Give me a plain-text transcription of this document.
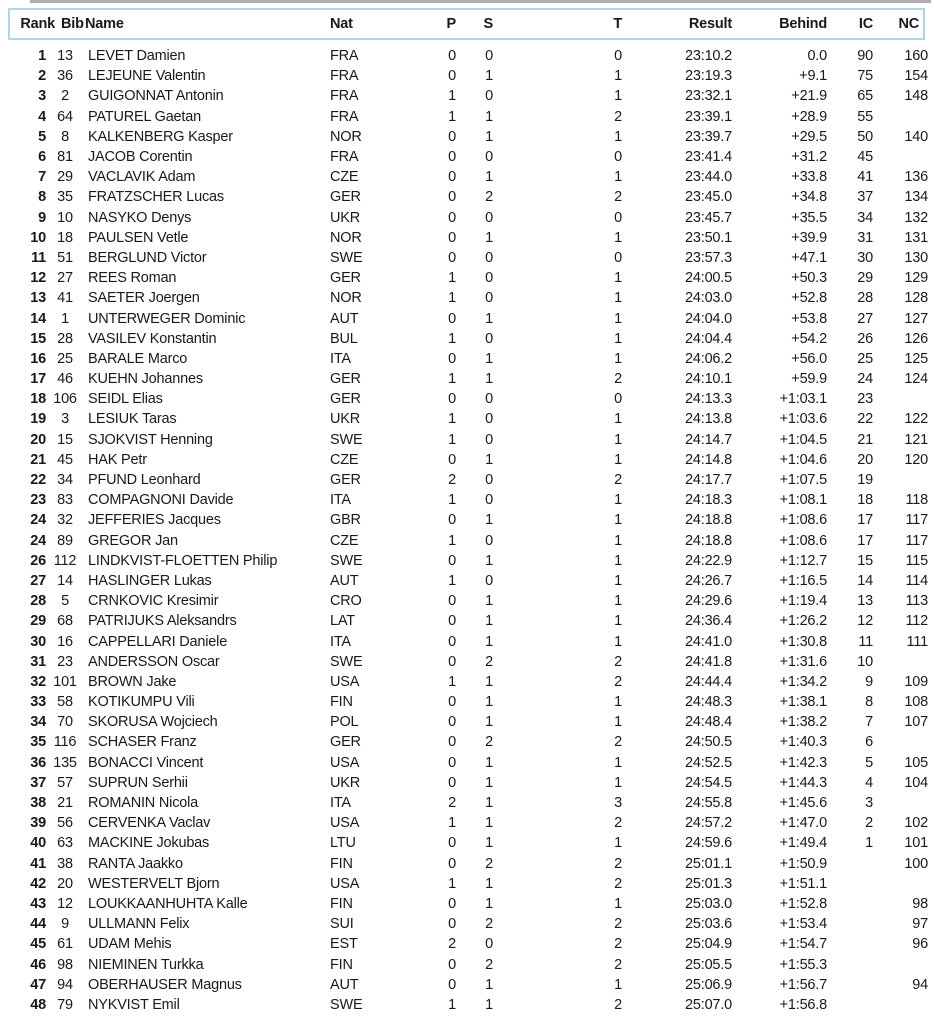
Rank Bib Name	Nat	P	S	T	Result	Behind	IC	NC
1 13	LEVET Damien	FRA	0	0	0	23:10.2	0.0	90	160
2 36	LEJEUNE Valentin	FRA	0	1	1	23:19.3	+9.1	75	154
3	2	GUIGONNAT Antonin	FRA	1	0	1	23:32.1	+21.9	65	148
4 64	PATUREL Gaetan	FRA	1	1	2	23:39.1	+28.9	55
5	8	KALKENBERG Kasper	NOR	0	1	1	23:39.7	+29.5	50	140
6 81	JACOB Corentin	FRA	0	0	0	23:41.4	+31.2	45
7 29	VACLAVIK Adam	CZE	0	1	1	23:44.0	+33.8	41	136
8 35	FRATZSCHER Lucas	GER	0	2	2	23:45.0	+34.8	37	134
9 10	NASYKO Denys	UKR	0	0	0	23:45.7	+35.5	34	132
10 18	PAULSEN Vetle	NOR	0	1	1	23:50.1	+39.9	31	131
11 51	BERGLUND Victor	SWE	0	0	0	23:57.3	+47.1	30	130
12 27	REES Roman	GER	1	0	1	24:00.5	+50.3	29	129
13 41	SAETER Joergen	NOR	1	0	1	24:03.0	+52.8	28	128
14	1	UNTERWEGER Dominic	AUT	0	1	1	24:04.0	+53.8	27	127
15 28	VASILEV Konstantin	BUL	1	0	1	24:04.4	+54.2	26	126
16 25	BARALE Marco	ITA	0	1	1	24:06.2	+56.0	25	125
17 46	KUEHN Johannes	GER	1	1	2	24:10.1	+59.9	24	124
18 106 SEIDL Elias	GER	0	0	0	24:13.3	+1:03.1	23
19	3	LESIUK Taras	UKR	1	0	1	24:13.8	+1:03.6	22	122
20 15	SJOKVIST Henning	SWE	1	0	1	24:14.7	+1:04.5	21	121
21 45	HAK Petr	CZE	0	1	1	24:14.8	+1:04.6	20	120
22 34	PFUND Leonhard	GER	2	0	2	24:17.7	+1:07.5	19
23 83	COMPAGNONI Davide	ITA	1	0	1	24:18.3	+1:08.1	18	118
24 32	JEFFERIES Jacques	GBR	0	1	1	24:18.8	+1:08.6	17	117
24 89	GREGOR Jan	CZE	1	0	1	24:18.8	+1:08.6	17	117
26 112 LINDKVIST-FLOETTEN Philip	SWE	0	1	1	24:22.9	+1:12.7	15	115
27 14	HASLINGER Lukas	AUT	1	0	1	24:26.7	+1:16.5	14	114
28	5	CRNKOVIC Kresimir	CRO	0	1	1	24:29.6	+1:19.4	13	113
29 68	PATRIJUKS Aleksandrs	LAT	0	1	1	24:36.4	+1:26.2	12	112
30 16	CAPPELLARI Daniele	ITA	0	1	1	24:41.0	+1:30.8	11	111
31 23	ANDERSSON Oscar	SWE	0	2	2	24:41.8	+1:31.6	10
32 101 BROWN Jake	USA	1	1	2	24:44.4	+1:34.2	9	109
33 58	KOTIKUMPU Vili	FIN	0	1	1	24:48.3	+1:38.1	8	108
34 70	SKORUSA Wojciech	POL	0	1	1	24:48.4	+1:38.2	7	107
35 116 SCHASER Franz	GER	0	2	2	24:50.5	+1:40.3	6
36 135 BONACCI Vincent	USA	0	1	1	24:52.5	+1:42.3	5	105
37 57	SUPRUN Serhii	UKR	0	1	1	24:54.5	+1:44.3	4	104
38 21	ROMANIN Nicola	ITA	2	1	3	24:55.8	+1:45.6	3
39 56	CERVENKA Vaclav	USA	1	1	2	24:57.2	+1:47.0	2	102
40 63	MACKINE Jokubas	LTU	0	1	1	24:59.6	+1:49.4	1	101
41 38	RANTA Jaakko	FIN	0	2	2	25:01.1	+1:50.9	100
42 20	WESTERVELT Bjorn	USA	1	1	2	25:01.3	+1:51.1
43 12	LOUKKAANHUHTA Kalle	FIN	0	1	1	25:03.0	+1:52.8	98
44	9	ULLMANN Felix	SUI	0	2	2	25:03.6	+1:53.4	97
45 61	UDAM Mehis	EST	2	0	2	25:04.9	+1:54.7	96
46 98	NIEMINEN Turkka	FIN	0	2	2	25:05.5	+1:55.3
47 94	OBERHAUSER Magnus	AUT	0	1	1	25:06.9	+1:56.7	94
48 79	NYKVIST Emil	SWE	1	1	2	25:07.0	+1:56.8
